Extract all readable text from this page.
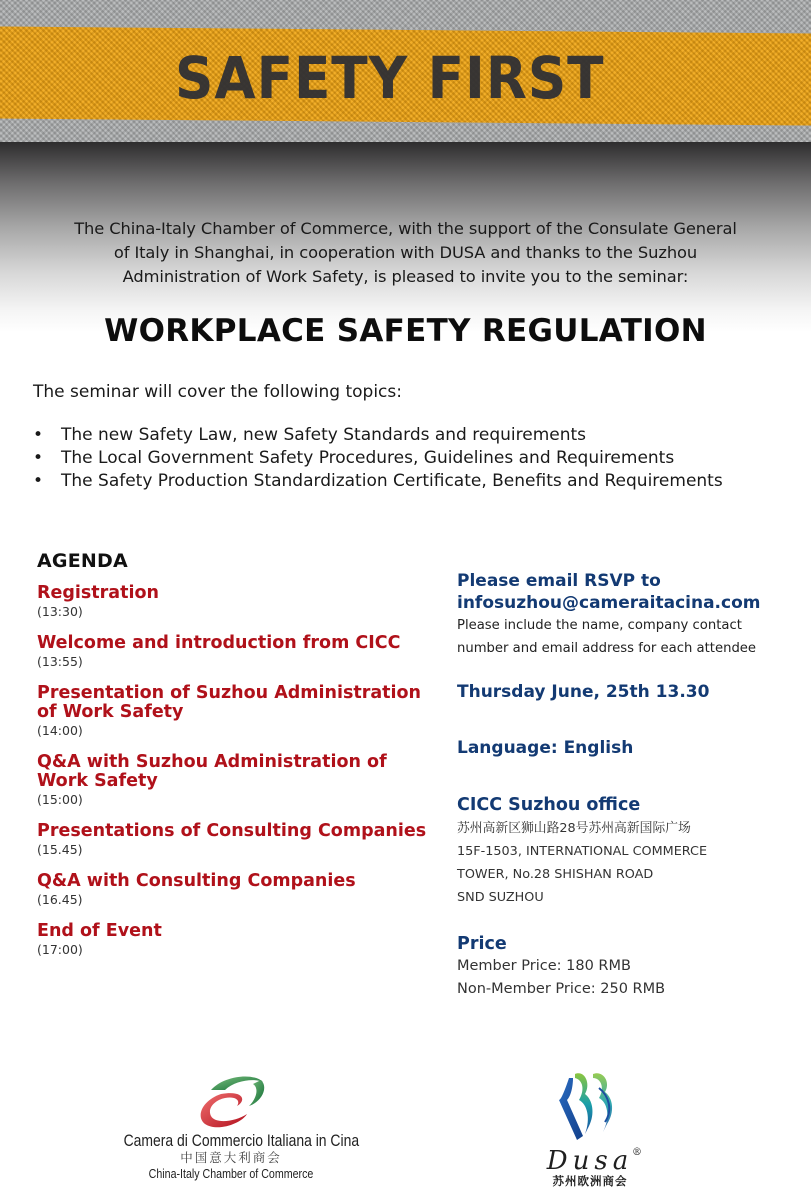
SAFETY FIRST
The China-Italy Chamber of Commerce, with the support of the Consulate General
of Italy in Shanghai, in cooperation with DUSA and thanks to the Suzhou
Administration of Work Safety, is pleased to invite you to the seminar:
WORKPLACE SAFETY REGULATION
The seminar will cover the following topics:
• The new Safety Law, new Safety Standards and requirements
• The Local Government Safety Procedures, Guidelines and Requirements
• The Safety Production Standardization Certificate, Benefits and Requirements
AGENDA
Registration
(13:30)
Welcome and introduction from CICC
(13:55)
Presentation of Suzhou Administration
of Work Safety
(14:00)
Q&A with Suzhou Administration of
Work Safety
(15:00)
Presentations of Consulting Companies
(15.45)
Q&A with Consulting Companies
(16.45)
End of Event
(17:00)
Please email RSVP to
infosuzhou@cameraitacina.com
Please include the name, company contact
number and email address for each attendee
Thursday June, 25th 13.30
Language: English
CICC Suzhou office
苏州高新区狮山路28号苏州高新国际广场
15F-1503, INTERNATIONAL COMMERCE
TOWER, No.28 SHISHAN ROAD
SND SUZHOU
Price
Member Price: 180 RMB
Non-Member Price: 250 RMB
Camera di Commercio Italiana in Cina
中国意大利商会
China-Italy Chamber of Commerce	Dusa
®
苏州欧洲商会
